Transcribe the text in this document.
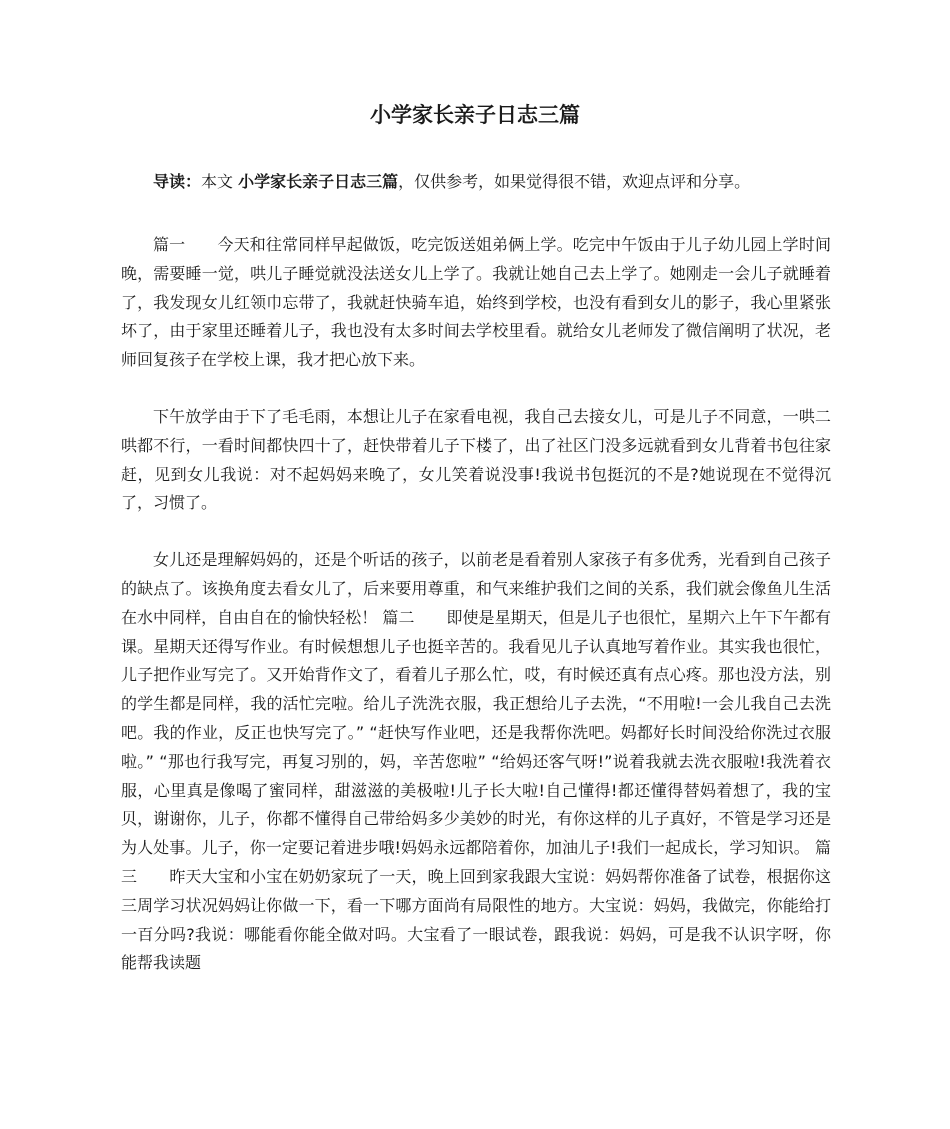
小学家长亲子日志三篇

导读：本文 小学家长亲子日志三篇，仅供参考，如果觉得很不错，欢迎点评和分享。

篇一 今天和往常同样早起做饭，吃完饭送姐弟俩上学。吃完中午饭由于儿子幼儿园上学时间晚，需要睡一觉，哄儿子睡觉就没法送女儿上学了。我就让她自己去上学了。她刚走一会儿子就睡着了，我发现女儿红领巾忘带了，我就赶快骑车追，始终到学校，也没有看到女儿的影子，我心里紧张坏了，由于家里还睡着儿子，我也没有太多时间去学校里看。就给女儿老师发了微信阐明了状况，老师回复孩子在学校上课，我才把心放下来。

下午放学由于下了毛毛雨，本想让儿子在家看电视，我自己去接女儿，可是儿子不同意，一哄二哄都不行，一看时间都快四十了，赶快带着儿子下楼了，出了社区门没多远就看到女儿背着书包往家赶，见到女儿我说：对不起妈妈来晚了，女儿笑着说没事!我说书包挺沉的不是?她说现在不觉得沉了，习惯了。

女儿还是理解妈妈的，还是个听话的孩子，以前老是看着别人家孩子有多优秀，光看到自己孩子的缺点了。该换角度去看女儿了，后来要用尊重，和气来维护我们之间的关系，我们就会像鱼儿生活在水中同样，自由自在的愉快轻松！ 篇二　　即使是星期天，但是儿子也很忙，星期六上午下午都有课。星期天还得写作业。有时候想想儿子也挺辛苦的。我看见儿子认真地写着作业。其实我也很忙，儿子把作业写完了。又开始背作文了，看着儿子那么忙，哎，有时候还真有点心疼。那也没方法，别的学生都是同样，我的活忙完啦。给儿子洗洗衣服，我正想给儿子去洗，“不用啦!一会儿我自己去洗吧。我的作业，反正也快写完了。” “赶快写作业吧，还是我帮你洗吧。妈都好长时间没给你洗过衣服啦。” “那也行我写完，再复习别的，妈，辛苦您啦” “给妈还客气呀!”说着我就去洗衣服啦!我洗着衣服，心里真是像喝了蜜同样，甜滋滋的美极啦!儿子长大啦!自己懂得!都还懂得替妈着想了，我的宝贝，谢谢你，儿子，你都不懂得自己带给妈多少美妙的时光，有你这样的儿子真好，不管是学习还是为人处事。儿子，你一定要记着进步哦!妈妈永远都陪着你，加油儿子!我们一起成长，学习知识。 篇三　　昨天大宝和小宝在奶奶家玩了一天，晚上回到家我跟大宝说：妈妈帮你准备了试卷，根据你这三周学习状况妈妈让你做一下，看一下哪方面尚有局限性的地方。大宝说：妈妈，我做完，你能给打一百分吗?我说：哪能看你能全做对吗。大宝看了一眼试卷，跟我说：妈妈，可是我不认识字呀，你能帮我读题
